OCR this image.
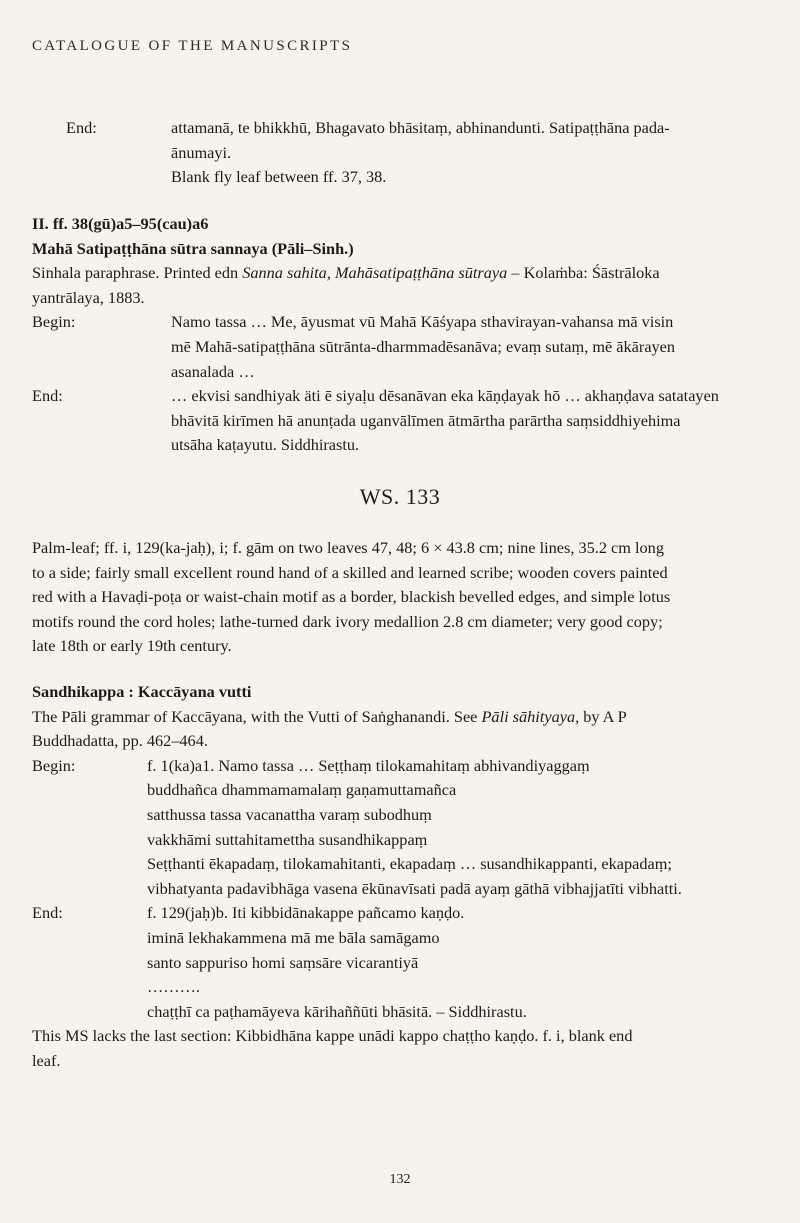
CATALOGUE OF THE MANUSCRIPTS
End:	attamanā, te bhikkhū, Bhagavato bhāsitaṃ, abhinandunti. Satipaṭṭhāna pada-
ānumayi.
Blank fly leaf between ff. 37, 38.
II. ff. 38(gū)a5–95(cau)a6
Mahā Satipaṭṭhāna sūtra sannaya (Pāli–Sinh.)
Sinhala paraphrase. Printed edn Sanna sahita, Mahāsatipaṭṭhāna sūtraya – Kolaṁba: Śāstrāloka
yantrālaya, 1883.
Begin:	Namo tassa … Me, āyusmat vū Mahā Kāśyapa sthavirayan-vahansa mā visin
mē Mahā-satipaṭṭhāna sūtrānta-dharmmadēsanāva; evaṃ sutaṃ, mē ākārayen
asanalada …
End:	… ekvisi sandhiyak äti ē siyaḷu dēsanāvan eka kāṇḍayak hō … akhaṇḍava satatayen
bhāvitā kirīmen hā anunṭada uganvālīmen ātmārtha parārtha saṃsiddhiyehima
utsāha kaṭayutu. Siddhirastu.
WS. 133
Palm-leaf; ff. i, 129(ka-jaḥ), i; f. gām on two leaves 47, 48; 6 × 43.8 cm; nine lines, 35.2 cm long
to a side; fairly small excellent round hand of a skilled and learned scribe; wooden covers painted
red with a Havaḍi-poṭa or waist-chain motif as a border, blackish bevelled edges, and simple lotus
motifs round the cord holes; lathe-turned dark ivory medallion 2.8 cm diameter; very good copy;
late 18th or early 19th century.
Sandhikappa : Kaccāyana vutti
The Pāli grammar of Kaccāyana, with the Vutti of Saṅghanandi. See Pāli sāhityaya, by A P
Buddhadatta, pp. 462–464.
Begin:	f. 1(ka)a1. Namo tassa … Seṭṭhaṃ tilokamahitaṃ abhivandiyaggaṃ
buddhañca dhammamamalaṃ gaṇamuttamañca
satthussa tassa vacanattha varaṃ subodhuṃ
vakkhāmi suttahitamettha susandhikappaṃ
Seṭṭhanti ēkapadaṃ, tilokamahitanti, ekapadaṃ … susandhikappanti, ekapadaṃ;
vibhatyanta padavibhāga vasena ēkūnavīsati padā ayaṃ gāthā vibhajjatīti vibhatti.
End:	f. 129(jaḥ)b. Iti kibbidānakappe pañcamo kaṇḍo.
iminā lekhakammena mā me bāla samāgamo
santo sappuriso homi saṃsāre vicarantiyā
……….
chaṭṭhī ca paṭhamāyeva kārihaññūti bhāsitā. – Siddhirastu.
This MS lacks the last section: Kibbidhāna kappe unādi kappo chaṭṭho kaṇḍo. f. i, blank end
leaf.
132
